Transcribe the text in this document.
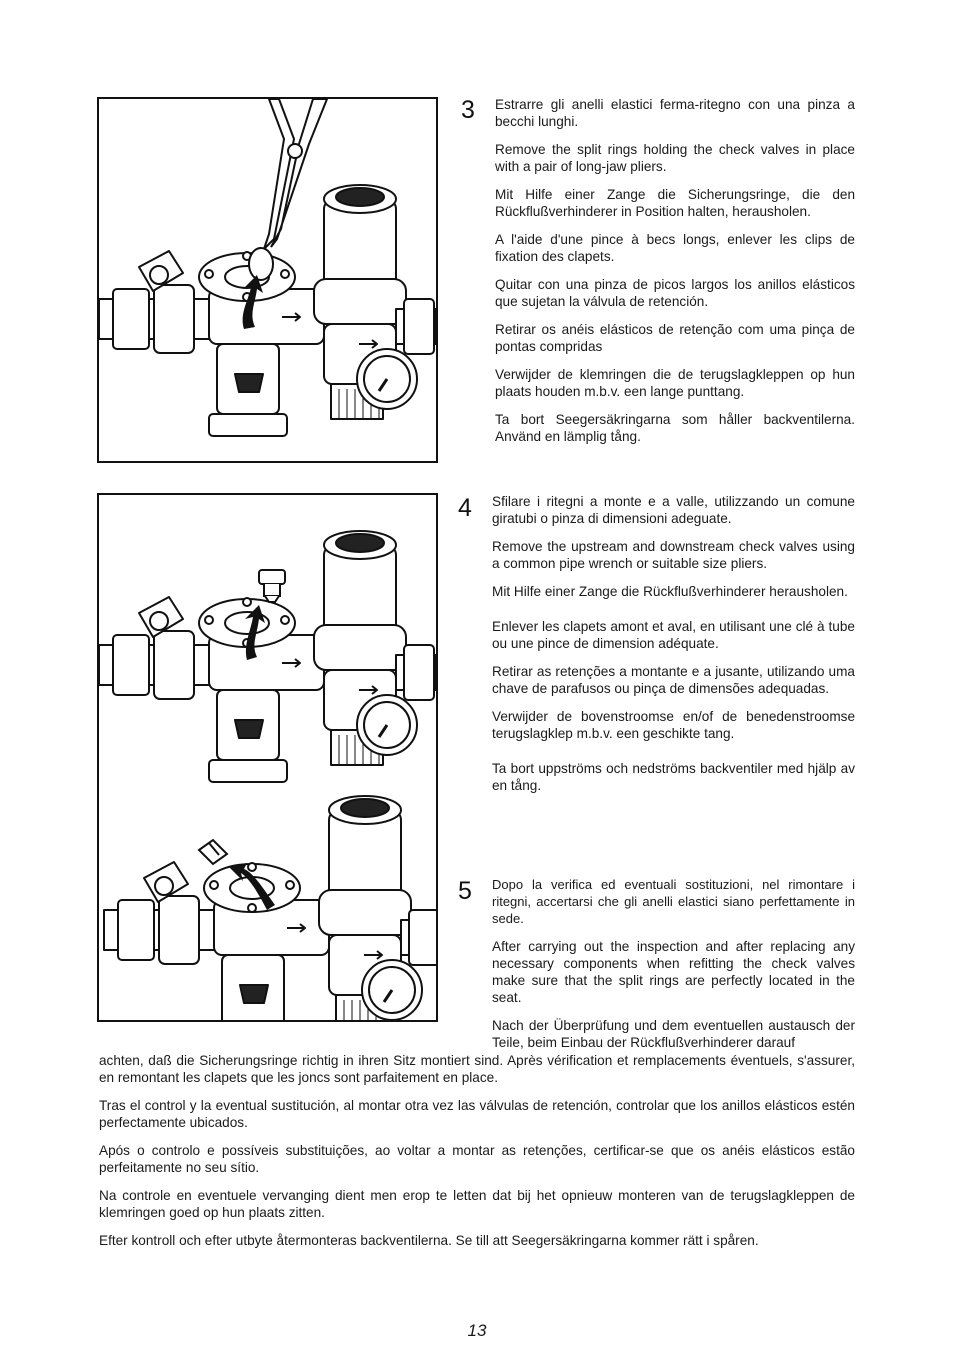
3 Estrarre gli anelli elastici ferma-ritegno con una pinza a becchi lunghi.

Remove the split rings holding the check valves in place with a pair of long-jaw pliers.

Mit Hilfe einer Zange die Sicherungsringe, die den Rückflußverhinderer in Position halten, herausholen.

A l'aide d'une pince à becs longs, enlever les clips de fixation des clapets.

Quitar con una pinza de picos largos los anillos elásticos que sujetan la válvula de retención.

Retirar os anéis elásticos de retenção com uma pinça de pontas compridas

Verwijder de klemringen die de terugslagkleppen op hun plaats houden m.b.v. een lange punttang.

Ta bort Seegersäkringarna som håller backventilerna. Använd en lämplig tång.

4 Sfilare i ritegni a monte e a valle, utilizzando un comune giratubi o pinza di dimensioni adeguate.

Remove the upstream and downstream check valves using a common pipe wrench or suitable size pliers.

Mit Hilfe einer Zange die Rückflußverhinderer herausholen.

Enlever les clapets amont et aval, en utilisant une clé à tube ou une pince de dimension adéquate.

Retirar as retenções a montante e a jusante, utilizando uma chave de parafusos ou pinça de dimensões adequadas.

Verwijder de bovenstroomse en/of de benedenstroomse terugslagklep m.b.v. een geschikte tang.

Ta bort uppströms och nedströms backventiler med hjälp av en tång.

5 Dopo la verifica ed eventuali sostituzioni, nel rimontare i ritegni, accertarsi che gli anelli elastici siano perfettamente in sede.

After carrying out the inspection and after replacing any necessary components when refitting the check valves make sure that the split rings are perfectly located in the seat.

Nach der Überprüfung und dem eventuellen austausch der Teile, beim Einbau der Rückflußverhinderer darauf

achten, daß die Sicherungsringe richtig in ihren Sitz montiert sind. Après vérification et remplacements éventuels, s'assurer, en remontant les clapets que les joncs sont parfaitement en place.

Tras el control y la eventual sustitución, al montar otra vez las válvulas de retención, controlar que los anillos elásticos estén perfectamente ubicados.

Após o controlo e possíveis substituições, ao voltar a montar as retenções, certificar-se que os anéis elásticos estão perfeitamente no seu sítio.

Na controle en eventuele vervanging dient men erop te letten dat bij het opnieuw monteren van de terugslagkleppen de klemringen goed op hun plaats zitten.

Efter kontroll och efter utbyte återmonteras backventilerna. Se till att Seegersäkringarna kommer rätt i spåren.

13
